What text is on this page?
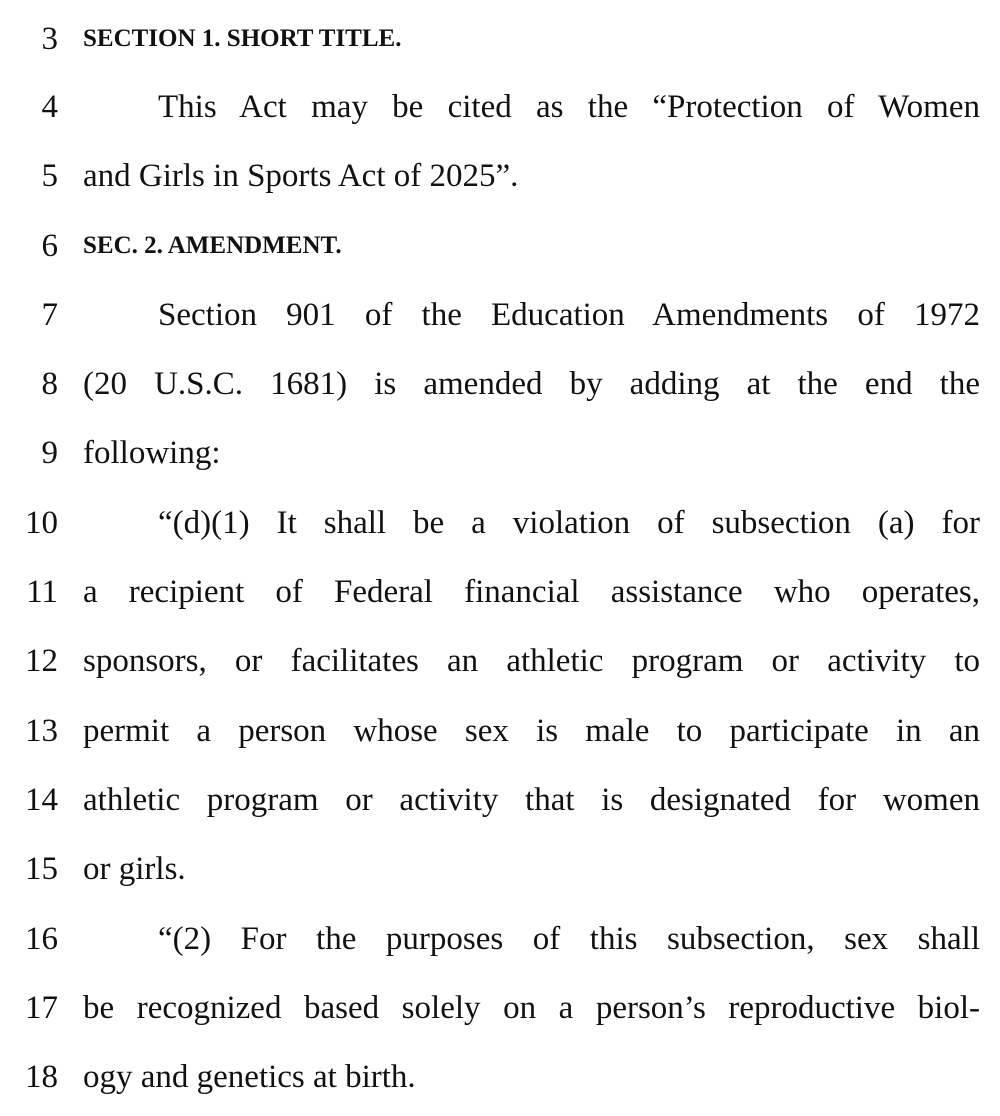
3 SECTION 1. SHORT TITLE.
4	This Act may be cited as the “Protection of Women
5 and Girls in Sports Act of 2025”.
6 SEC. 2. AMENDMENT.
7	Section 901 of the Education Amendments of 1972
8 (20 U.S.C. 1681) is amended by adding at the end the
9 following:
10	“(d)(1) It shall be a violation of subsection (a) for
11 a recipient of Federal financial assistance who operates,
12 sponsors, or facilitates an athletic program or activity to
13 permit a person whose sex is male to participate in an
14 athletic program or activity that is designated for women
15 or girls.
16	“(2) For the purposes of this subsection, sex shall
17 be recognized based solely on a person’s reproductive biol-
18 ogy and genetics at birth.
